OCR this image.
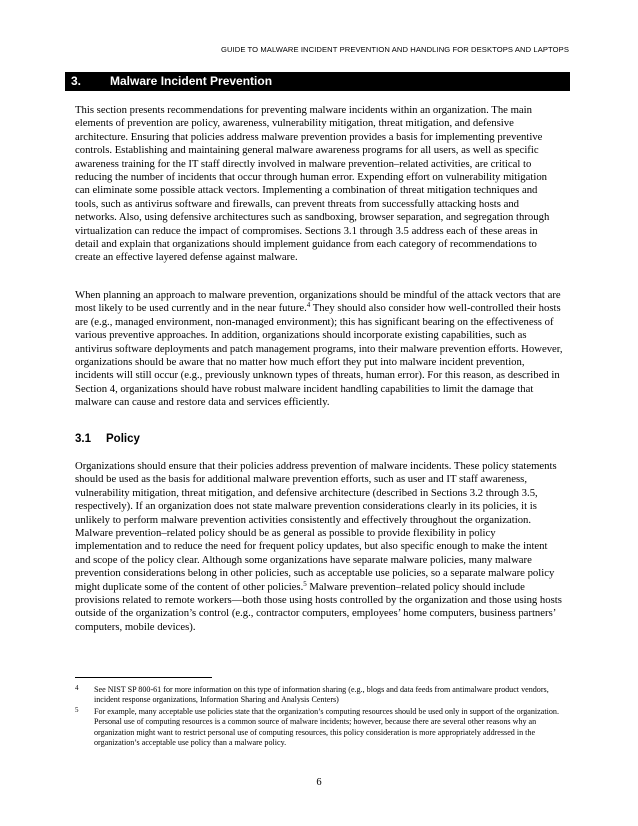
GUIDE TO MALWARE INCIDENT PREVENTION AND HANDLING FOR DESKTOPS AND LAPTOPS
3. Malware Incident Prevention

This section presents recommendations for preventing malware incidents within an organization. The main elements of prevention are policy, awareness, vulnerability mitigation, threat mitigation, and defensive architecture. Ensuring that policies address malware prevention provides a basis for implementing preventive controls. Establishing and maintaining general malware awareness programs for all users, as well as specific awareness training for the IT staff directly involved in malware prevention–related activities, are critical to reducing the number of incidents that occur through human error. Expending effort on vulnerability mitigation can eliminate some possible attack vectors. Implementing a combination of threat mitigation techniques and tools, such as antivirus software and firewalls, can prevent threats from successfully attacking hosts and networks. Also, using defensive architectures such as sandboxing, browser separation, and segregation through virtualization can reduce the impact of compromises. Sections 3.1 through 3.5 address each of these areas in detail and explain that organizations should implement guidance from each category of recommendations to create an effective layered defense against malware.

When planning an approach to malware prevention, organizations should be mindful of the attack vectors that are most likely to be used currently and in the near future.$^4$ They should also consider how well-controlled their hosts are (e.g., managed environment, non-managed environment); this has significant bearing on the effectiveness of various preventive approaches. In addition, organizations should incorporate existing capabilities, such as antivirus software deployments and patch management programs, into their malware prevention efforts. However, organizations should be aware that no matter how much effort they put into malware incident prevention, incidents will still occur (e.g., previously unknown types of threats, human error). For this reason, as described in Section 4, organizations should have robust malware incident handling capabilities to limit the damage that malware can cause and restore data and services efficiently.

3.1 Policy

Organizations should ensure that their policies address prevention of malware incidents. These policy statements should be used as the basis for additional malware prevention efforts, such as user and IT staff awareness, vulnerability mitigation, threat mitigation, and defensive architecture (described in Sections 3.2 through 3.5, respectively). If an organization does not state malware prevention considerations clearly in its policies, it is unlikely to perform malware prevention activities consistently and effectively throughout the organization. Malware prevention–related policy should be as general as possible to provide flexibility in policy implementation and to reduce the need for frequent policy updates, but also specific enough to make the intent and scope of the policy clear. Although some organizations have separate malware policies, many malware prevention considerations belong in other policies, such as acceptable use policies, so a separate malware policy might duplicate some of the content of other policies.$^5$ Malware prevention–related policy should include provisions related to remote workers—both those using hosts controlled by the organization and those using hosts outside of the organization’s control (e.g., contractor computers, employees’ home computers, business partners’ computers, mobile devices).

4 See NIST SP 800-61 for more information on this type of information sharing (e.g., blogs and data feeds from antimalware product vendors, incident response organizations, Information Sharing and Analysis Centers)
5 For example, many acceptable use policies state that the organization’s computing resources should be used only in support of the organization. Personal use of computing resources is a common source of malware incidents; however, because there are several other reasons why an organization might want to restrict personal use of computing resources, this policy consideration is more appropriately addressed in the organization’s acceptable use policy than a malware policy.
6
